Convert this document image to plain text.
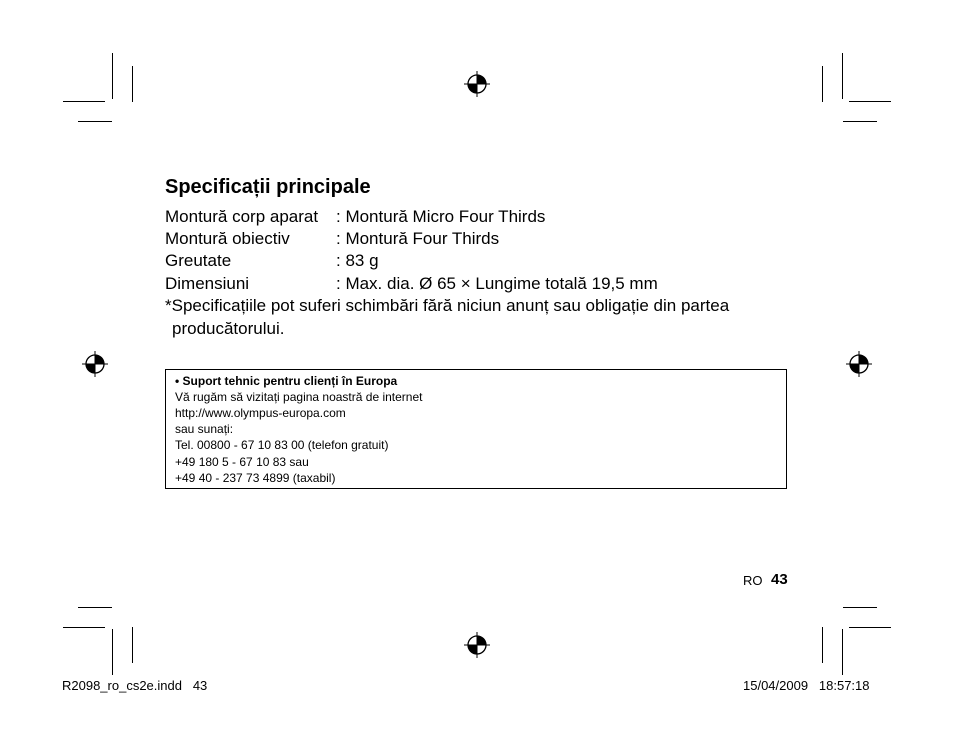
Specificații principale
Montură corp aparat : Montură Micro Four Thirds
Montură obiectiv	: Montură Four Thirds
Greutate	: 83 g
Dimensiuni	: Max. dia. Ø 65 × Lungime totală 19,5 mm
*Specificațiile pot suferi schimbări fără niciun anunț sau obligație din partea
producătorului.
• Suport tehnic pentru clienți în Europa
Vă rugăm să vizitați pagina noastră de internet
http://www.olympus-europa.com
sau sunați:
Tel. 00800 - 67 10 83 00 (telefon gratuit)
+49 180 5 - 67 10 83 sau
+49 40 - 237 73 4899 (taxabil)
RO 43
R2098_ro_cs2e.indd   43	15/04/2009   18:57:18
